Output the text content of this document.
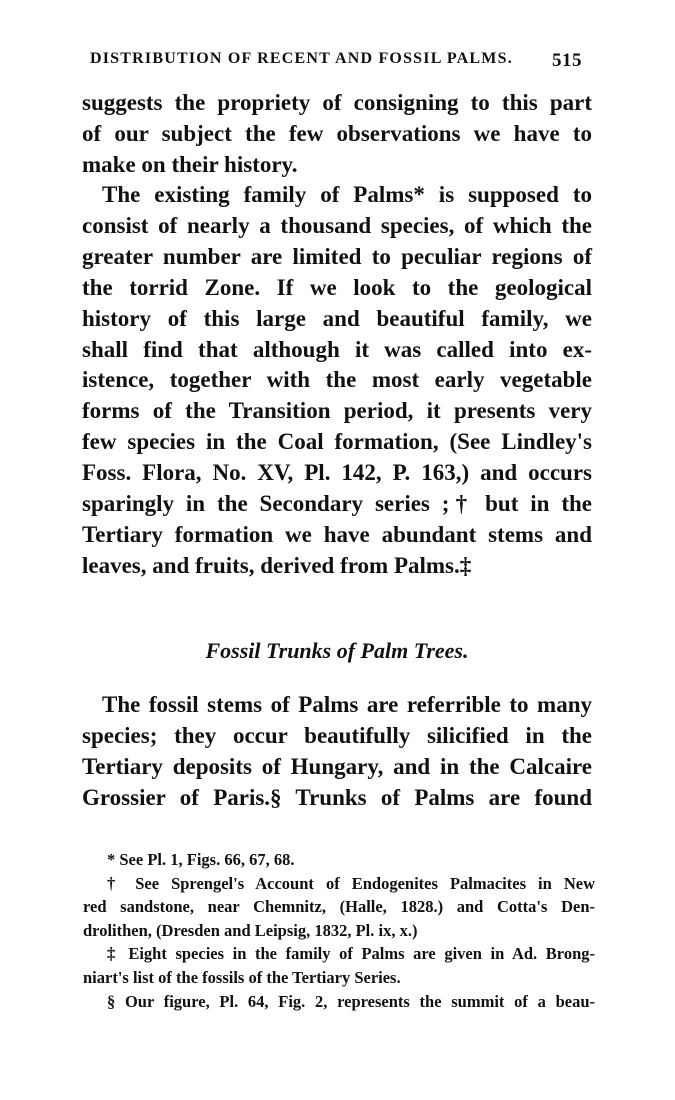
DISTRIBUTION OF RECENT AND FOSSIL PALMS. 515
suggests the propriety of consigning to this part
of our subject the few observations we have to
make on their history.
The existing family of Palms* is supposed to
consist of nearly a thousand species, of which the
greater number are limited to peculiar regions of
the torrid Zone. If we look to the geological
history of this large and beautiful family, we
shall find that although it was called into ex-
istence, together with the most early vegetable
forms of the Transition period, it presents very
few species in the Coal formation, (See Lindley's
Foss. Flora, No. XV, Pl. 142, P. 163,) and occurs
sparingly in the Secondary series ;† but in the
Tertiary formation we have abundant stems and
leaves, and fruits, derived from Palms.‡
Fossil Trunks of Palm Trees.
The fossil stems of Palms are referrible to many
species; they occur beautifully silicified in the
Tertiary deposits of Hungary, and in the Calcaire
Grossier of Paris.§ Trunks of Palms are found
* See Pl. 1, Figs. 66, 67, 68.
† See Sprengel's Account of Endogenites Palmacites in New
red sandstone, near Chemnitz, (Halle, 1828.) and Cotta's Den-
drolithen, (Dresden and Leipsig, 1832, Pl. ix, x.)
‡ Eight species in the family of Palms are given in Ad. Brong-
niart's list of the fossils of the Tertiary Series.
§ Our figure, Pl. 64, Fig. 2, represents the summit of a beau-
